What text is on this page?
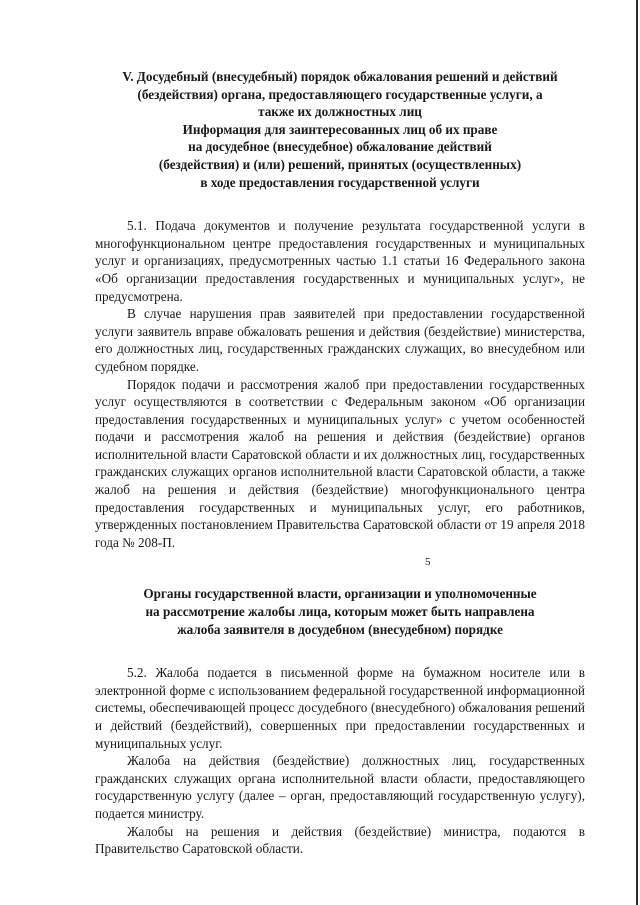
V. Досудебный (внесудебный) порядок обжалования решений и действий
(бездействия) органа, предоставляющего государственные услуги, а
также их должностных лиц
Информация для заинтересованных лиц об их праве
на досудебное (внесудебное) обжалование действий
(бездействия) и (или) решений, принятых (осуществленных)
в ходе предоставления государственной услуги

5.1. Подача документов и получение результата государственной услуги в многофункциональном центре предоставления государственных и муниципальных услуг и организациях, предусмотренных частью 1.1 статьи 16 Федерального закона «Об организации предоставления государственных и муниципальных услуг», не предусмотрена.

В случае нарушения прав заявителей при предоставлении государственной услуги заявитель вправе обжаловать решения и действия (бездействие) министерства, его должностных лиц, государственных гражданских служащих, во внесудебном или судебном порядке.

Порядок подачи и рассмотрения жалоб при предоставлении государственных услуг осуществляются в соответствии с Федеральным законом «Об организации предоставления государственных и муниципальных услуг» с учетом особенностей подачи и рассмотрения жалоб на решения и действия (бездействие) органов исполнительной власти Саратовской области и их должностных лиц, государственных гражданских служащих органов исполнительной власти Саратовской области, а также жалоб на решения и действия (бездействие) многофункционального центра предоставления государственных и муниципальных услуг, его работников, утвержденных постановлением Правительства Саратовской области от 19 апреля 2018 года № 208-П.

5
Органы государственной власти, организации и уполномоченные
на рассмотрение жалобы лица, которым может быть направлена
жалоба заявителя в досудебном (внесудебном) порядке

5.2. Жалоба подается в письменной форме на бумажном носителе или в электронной форме с использованием федеральной государственной информационной системы, обеспечивающей процесс досудебного (внесудебного) обжалования решений и действий (бездействий), совершенных при предоставлении государственных и муниципальных услуг.

Жалоба на действия (бездействие) должностных лиц, государственных гражданских служащих органа исполнительной власти области, предоставляющего государственную услугу (далее – орган, предоставляющий государственную услугу), подается министру.

Жалобы на решения и действия (бездействие) министра, подаются в Правительство Саратовской области.
